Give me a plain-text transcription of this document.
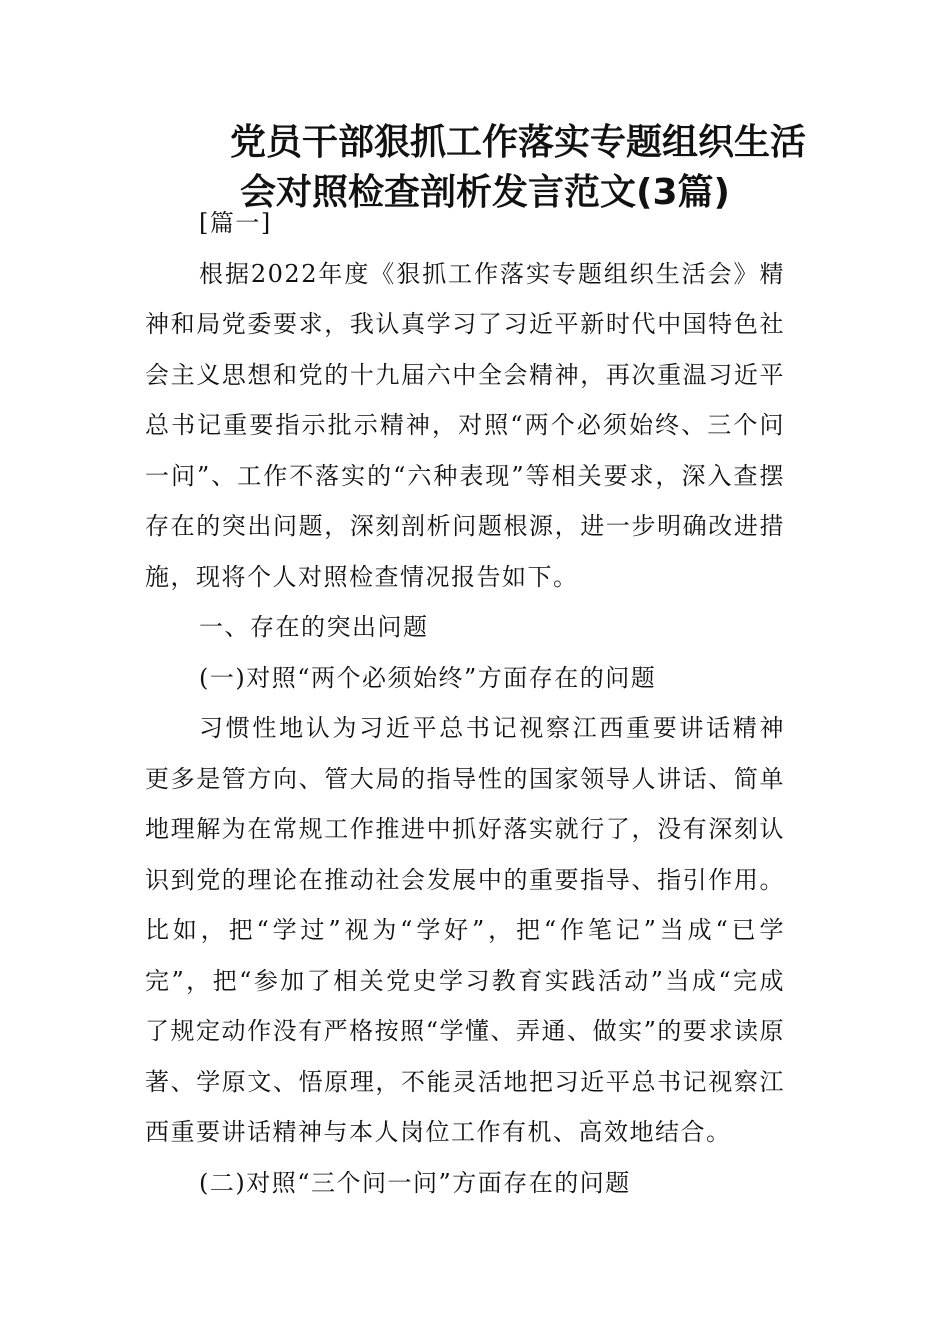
党员干部狠抓工作落实专题组织生活
会对照检查剖析发言范文(3篇)

[篇一]

根据2022年度《狠抓工作落实专题组织生活会》精神和局党委要求，我认真学习了习近平新时代中国特色社会主义思想和党的十九届六中全会精神，再次重温习近平总书记重要指示批示精神，对照“两个必须始终、三个问一问”、工作不落实的“六种表现”等相关要求，深入查摆存在的突出问题，深刻剖析问题根源，进一步明确改进措施，现将个人对照检查情况报告如下。

一、存在的突出问题

(一)对照“两个必须始终”方面存在的问题

习惯性地认为习近平总书记视察江西重要讲话精神更多是管方向、管大局的指导性的国家领导人讲话、简单地理解为在常规工作推进中抓好落实就行了，没有深刻认识到党的理论在推动社会发展中的重要指导、指引作用。比如，把“学过”视为“学好”，把“作笔记”当成“已学完”，把“参加了相关党史学习教育实践活动”当成“完成了规定动作没有严格按照“学懂、弄通、做实”的要求读原著、学原文、悟原理，不能灵活地把习近平总书记视察江西重要讲话精神与本人岗位工作有机、高效地结合。

(二)对照“三个问一问”方面存在的问题
